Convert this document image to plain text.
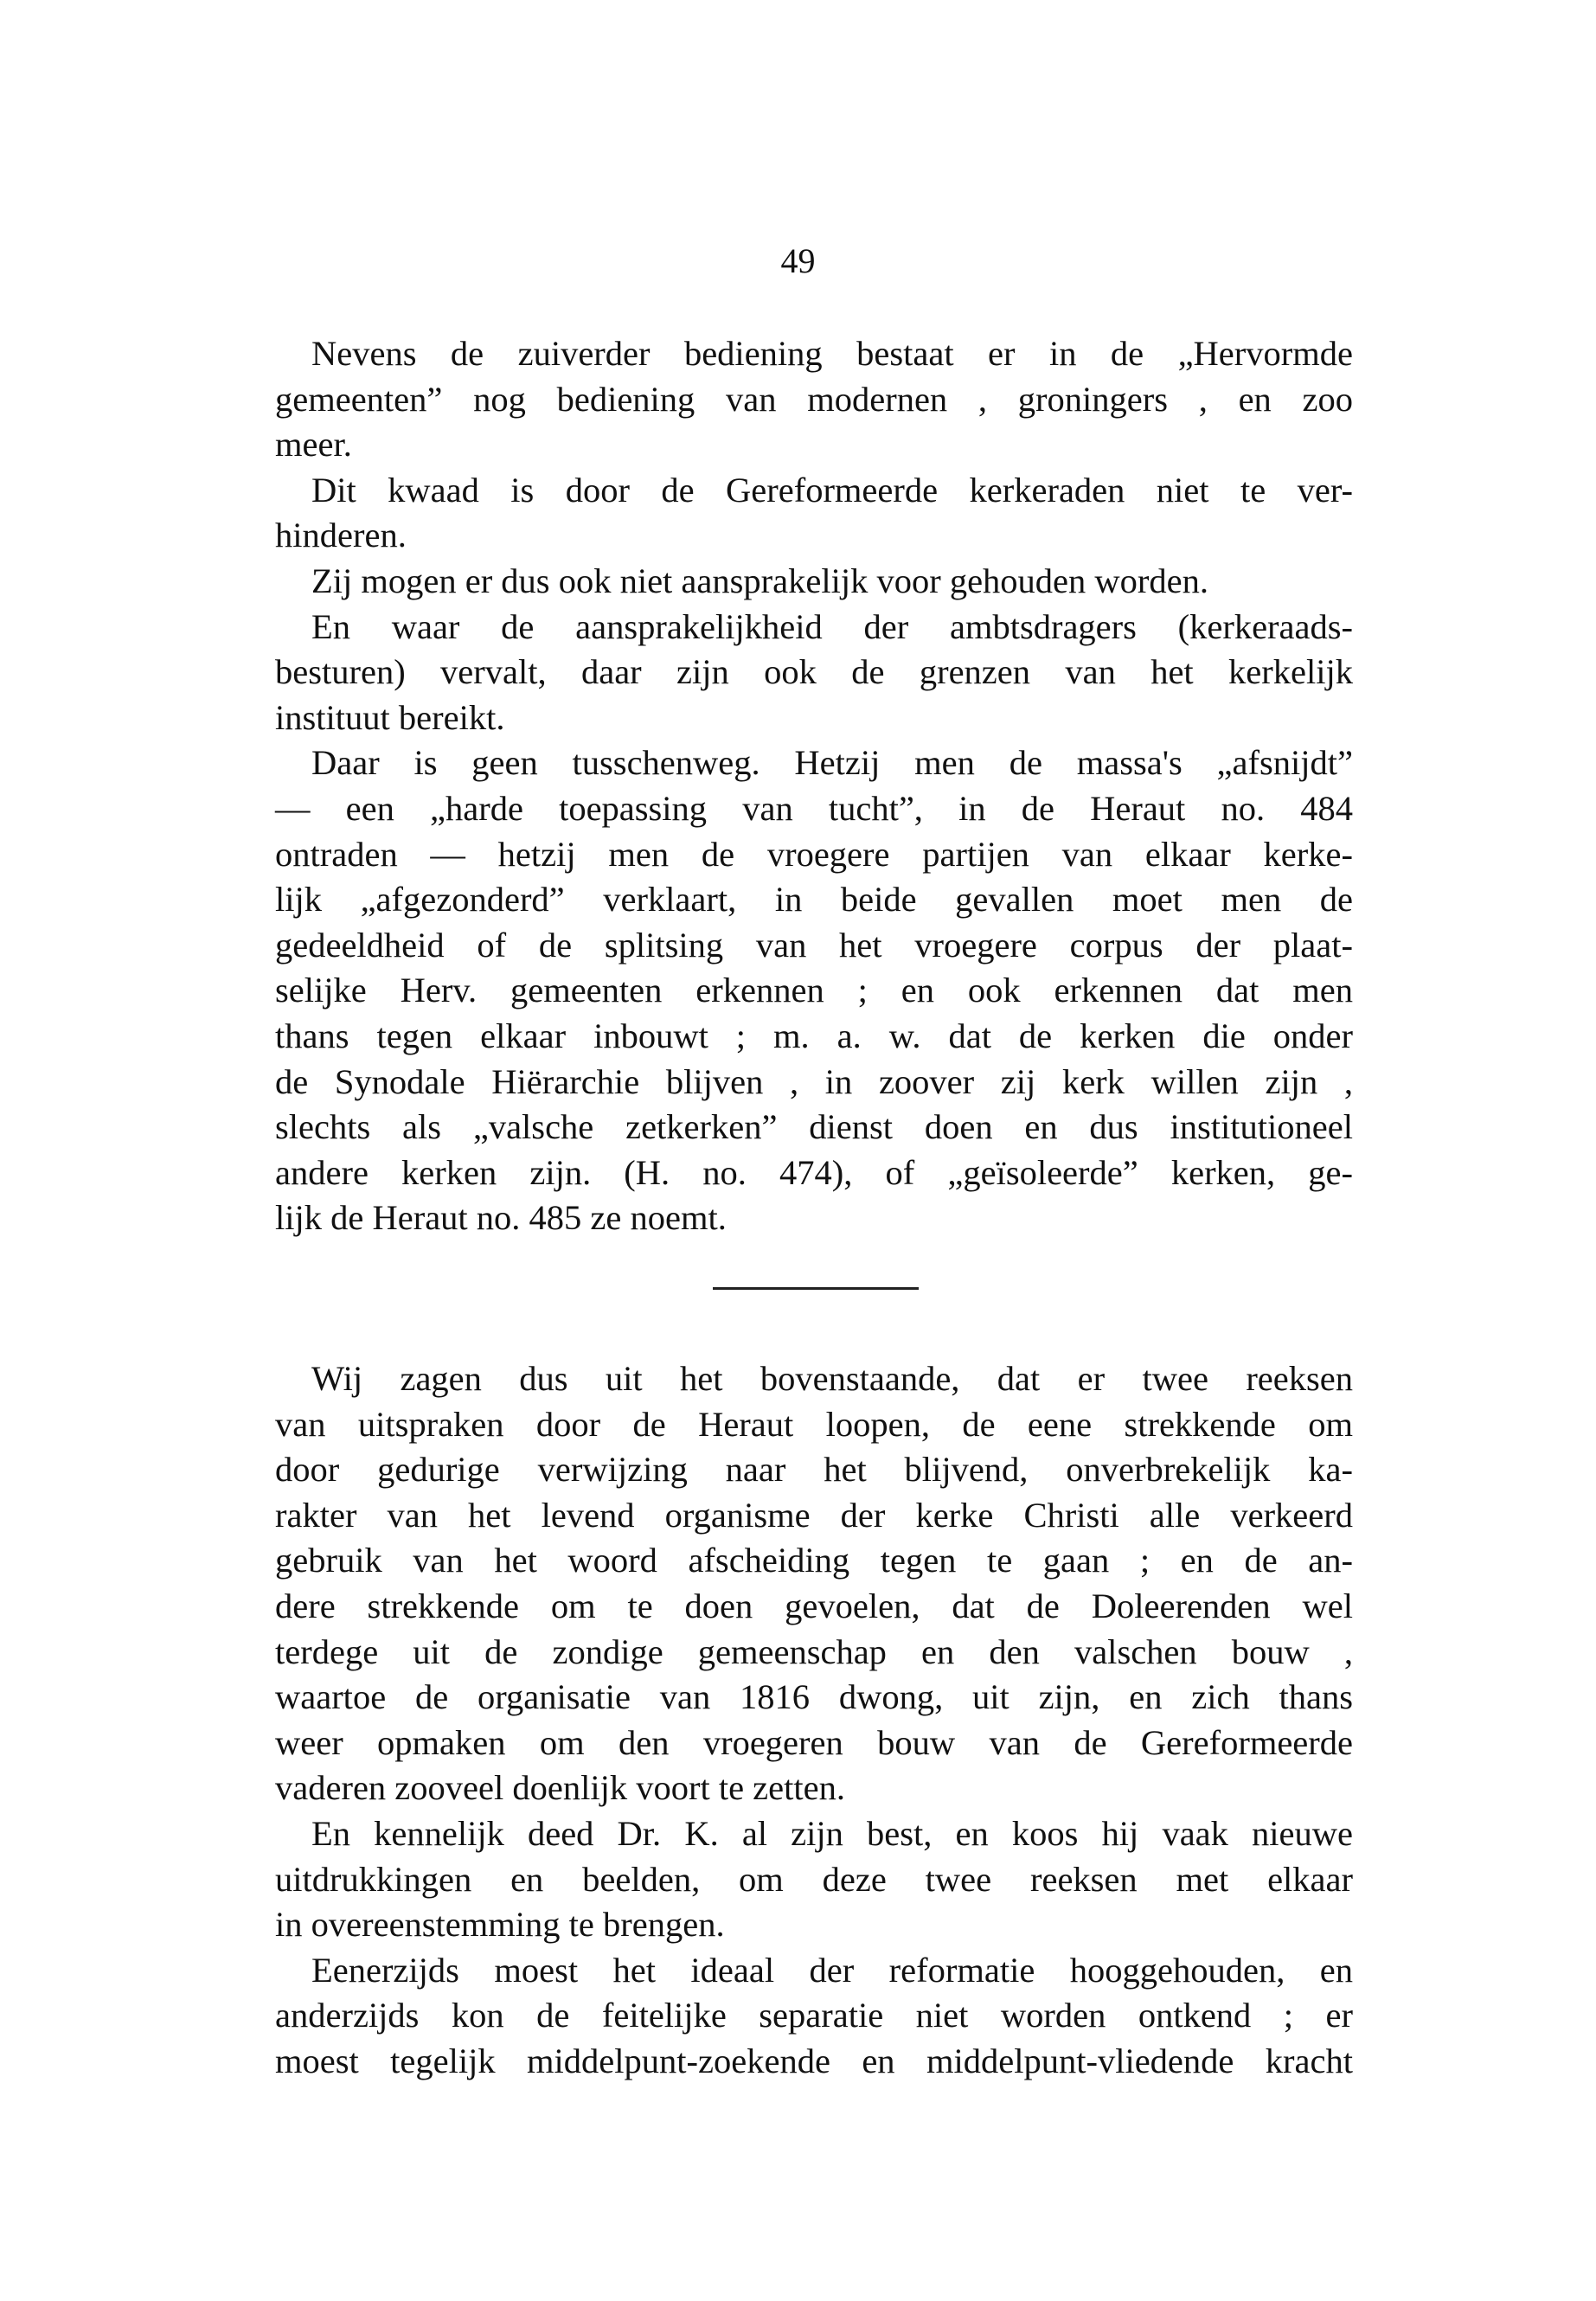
49
Nevens de zuiverder bediening bestaat er in de „Hervormde
gemeenten” nog bediening van modernen , groningers , en zoo
meer.
Dit kwaad is door de Gereformeerde kerkeraden niet te ver-
hinderen.
Zij mogen er dus ook niet aansprakelijk voor gehouden worden.
En waar de aansprakelijkheid der ambtsdragers (kerkeraads-
besturen) vervalt, daar zijn ook de grenzen van het kerkelijk
instituut bereikt.
Daar is geen tusschenweg. Hetzij men de massa's „afsnijdt”
— een „harde toepassing van tucht”, in de Heraut no. 484
ontraden — hetzij men de vroegere partijen van elkaar kerke-
lijk „afgezonderd” verklaart, in beide gevallen moet men de
gedeeldheid of de splitsing van het vroegere corpus der plaat-
selijke Herv. gemeenten erkennen ; en ook erkennen dat men
thans tegen elkaar inbouwt ; m. a. w. dat de kerken die onder
de Synodale Hiërarchie blijven , in zoover zij kerk willen zijn ,
slechts als „valsche zetkerken” dienst doen en dus institutioneel
andere kerken zijn. (H. no. 474), of „geïsoleerde” kerken, ge-
lijk de Heraut no. 485 ze noemt.
Wij zagen dus uit het bovenstaande, dat er twee reeksen
van uitspraken door de Heraut loopen, de eene strekkende om
door gedurige verwijzing naar het blijvend, onverbrekelijk ka-
rakter van het levend organisme der kerke Christi alle verkeerd
gebruik van het woord afscheiding tegen te gaan ; en de an-
dere strekkende om te doen gevoelen, dat de Doleerenden wel
terdege uit de zondige gemeenschap en den valschen bouw ,
waartoe de organisatie van 1816 dwong, uit zijn, en zich thans
weer opmaken om den vroegeren bouw van de Gereformeerde
vaderen zooveel doenlijk voort te zetten.
En kennelijk deed Dr. K. al zijn best, en koos hij vaak nieuwe
uitdrukkingen en beelden, om deze twee reeksen met elkaar
in overeenstemming te brengen.
Eenerzijds moest het ideaal der reformatie hooggehouden, en
anderzijds kon de feitelijke separatie niet worden ontkend ; er
moest tegelijk middelpunt-zoekende en middelpunt-vliedende kracht
